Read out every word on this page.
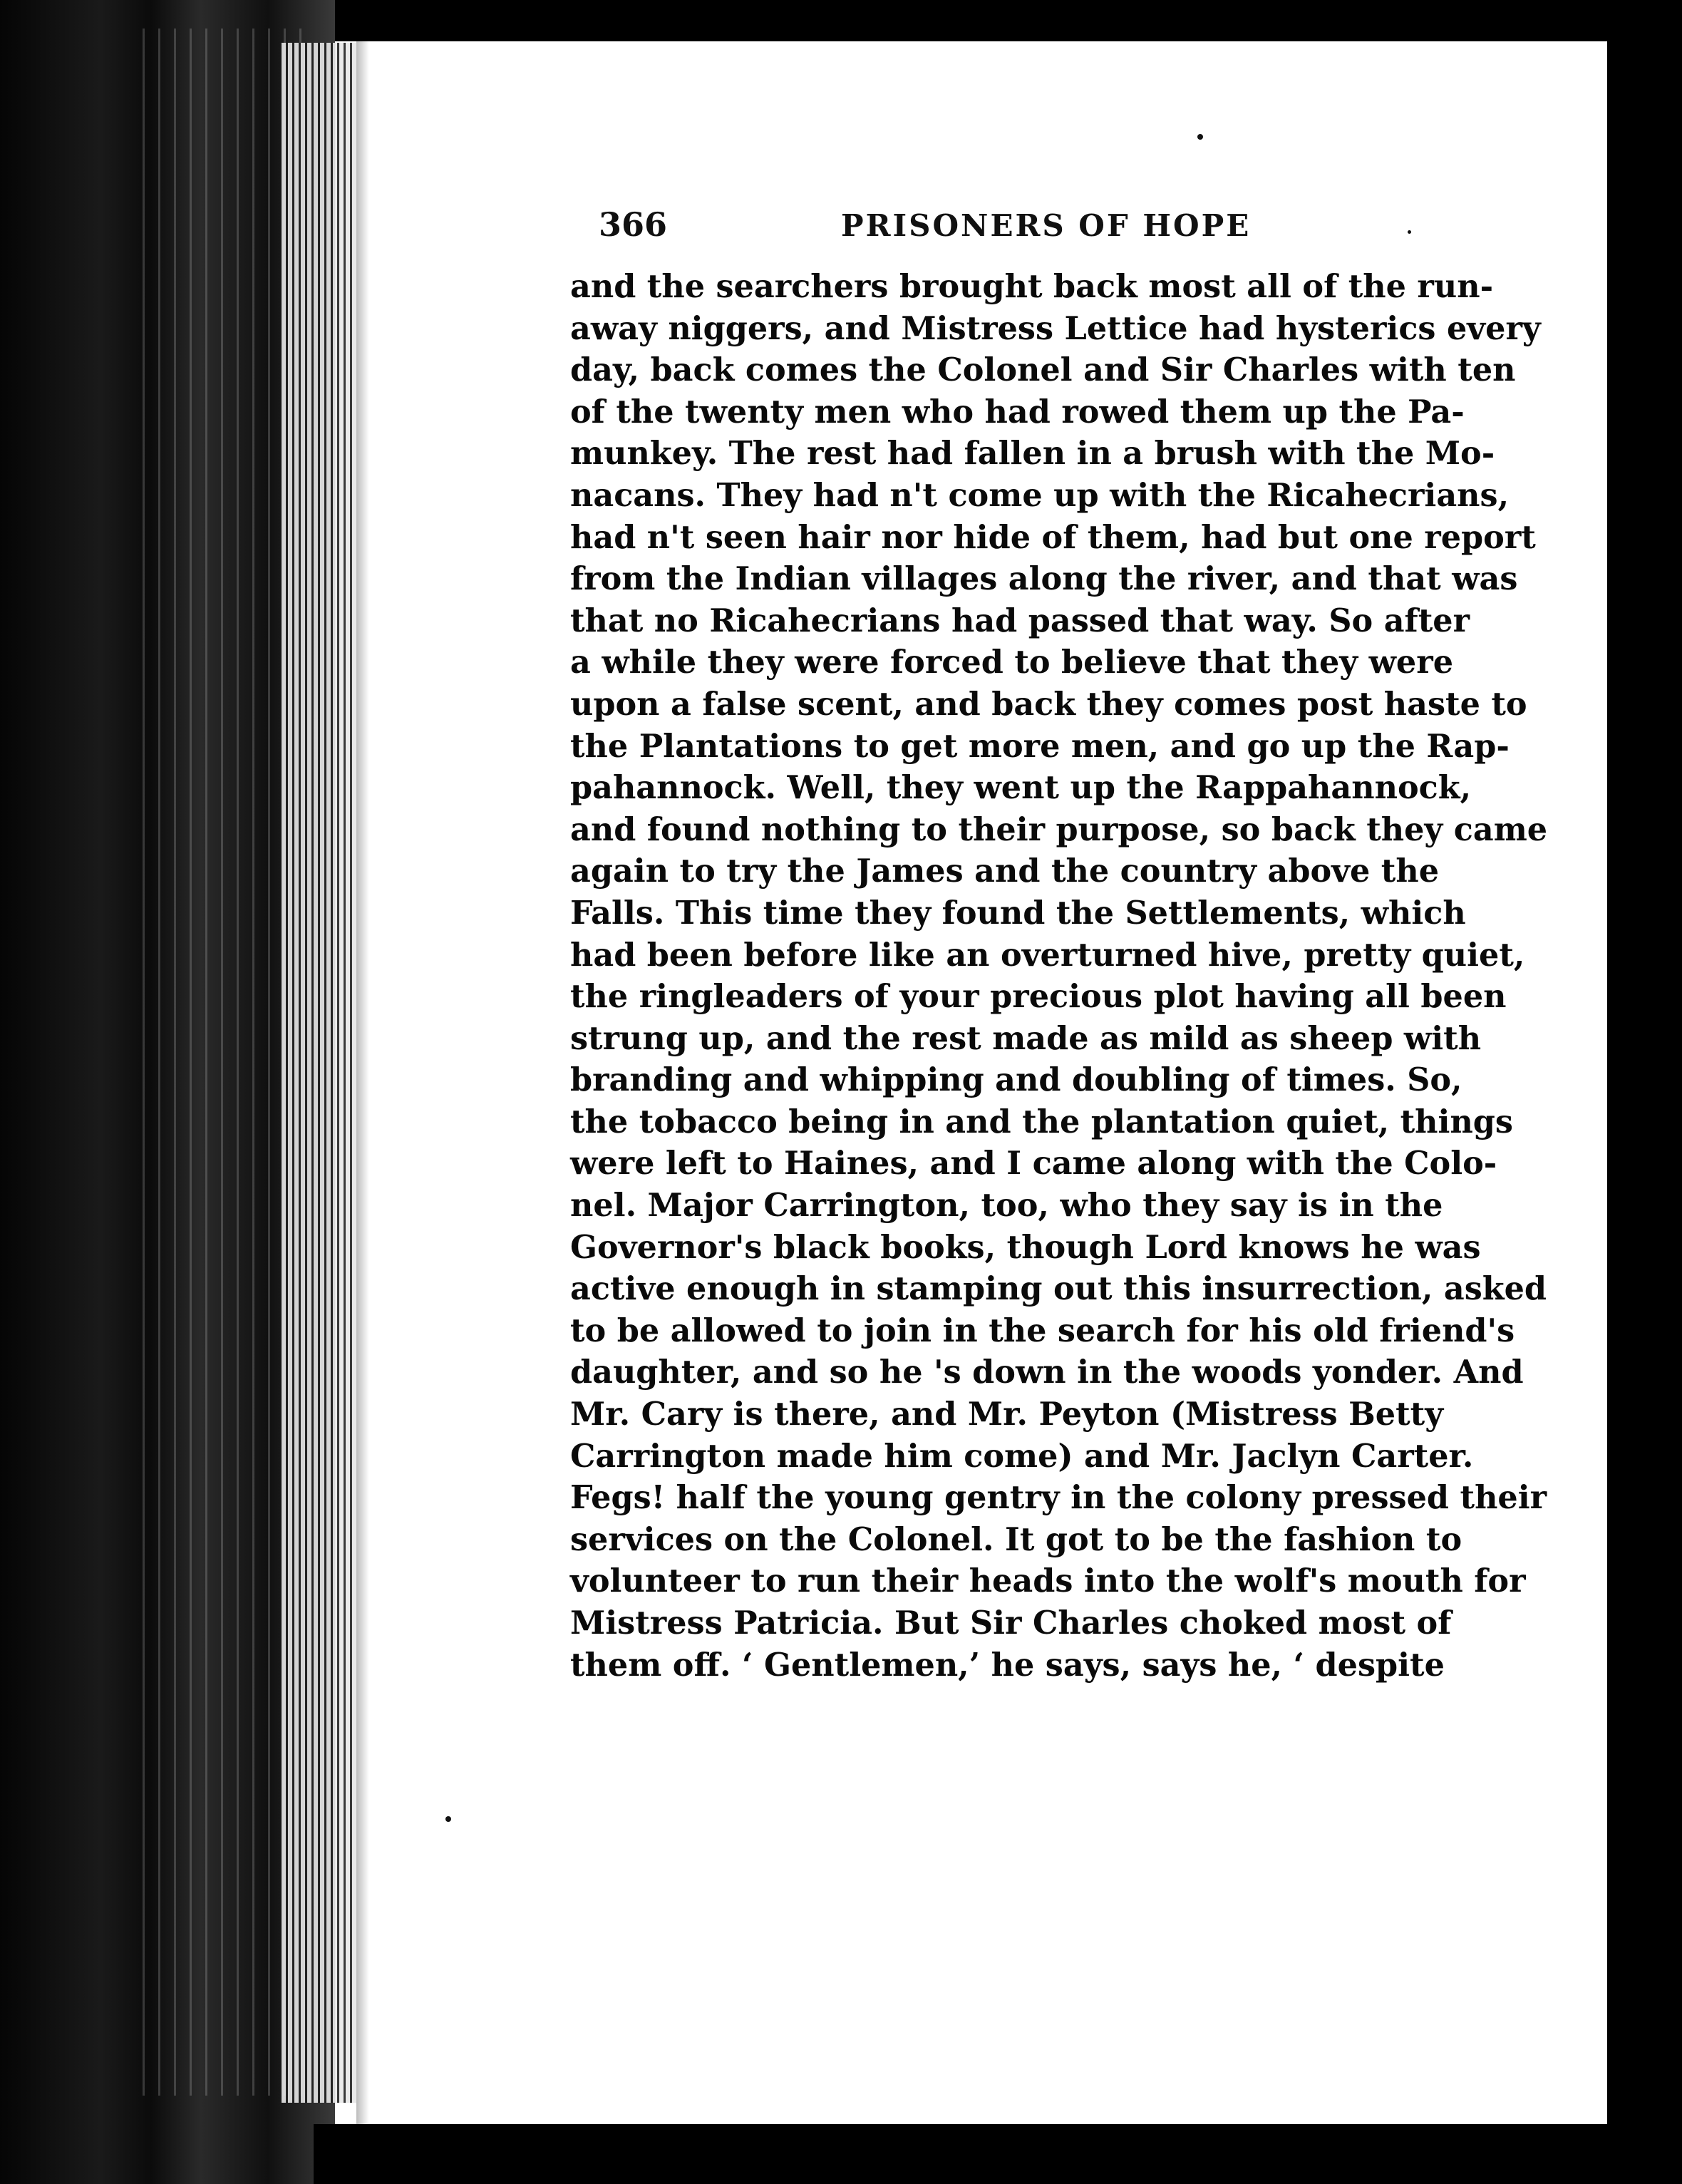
366	PRISONERS OF HOPE
and the searchers brought back most all of the run-
away niggers, and Mistress Lettice had hysterics every
day, back comes the Colonel and Sir Charles with ten
of the twenty men who had rowed them up the Pa-
munkey. The rest had fallen in a brush with the Mo-
nacans. They had n't come up with the Ricahecrians,
had n't seen hair nor hide of them, had but one report
from the Indian villages along the river, and that was
that no Ricahecrians had passed that way. So after
a while they were forced to believe that they were
upon a false scent, and back they comes post haste to
the Plantations to get more men, and go up the Rap-
pahannock. Well, they went up the Rappahannock,
and found nothing to their purpose, so back they came
again to try the James and the country above the
Falls. This time they found the Settlements, which
had been before like an overturned hive, pretty quiet,
the ringleaders of your precious plot having all been
strung up, and the rest made as mild as sheep with
branding and whipping and doubling of times. So,
the tobacco being in and the plantation quiet, things
were left to Haines, and I came along with the Colo-
nel. Major Carrington, too, who they say is in the
Governor's black books, though Lord knows he was
active enough in stamping out this insurrection, asked
to be allowed to join in the search for his old friend's
daughter, and so he 's down in the woods yonder. And
Mr. Cary is there, and Mr. Peyton (Mistress Betty
Carrington made him come) and Mr. Jaclyn Carter.
Fegs! half the young gentry in the colony pressed their
services on the Colonel. It got to be the fashion to
volunteer to run their heads into the wolf's mouth for
Mistress Patricia. But Sir Charles choked most of
them off. ‘ Gentlemen,’ he says, says he, ‘ despite
